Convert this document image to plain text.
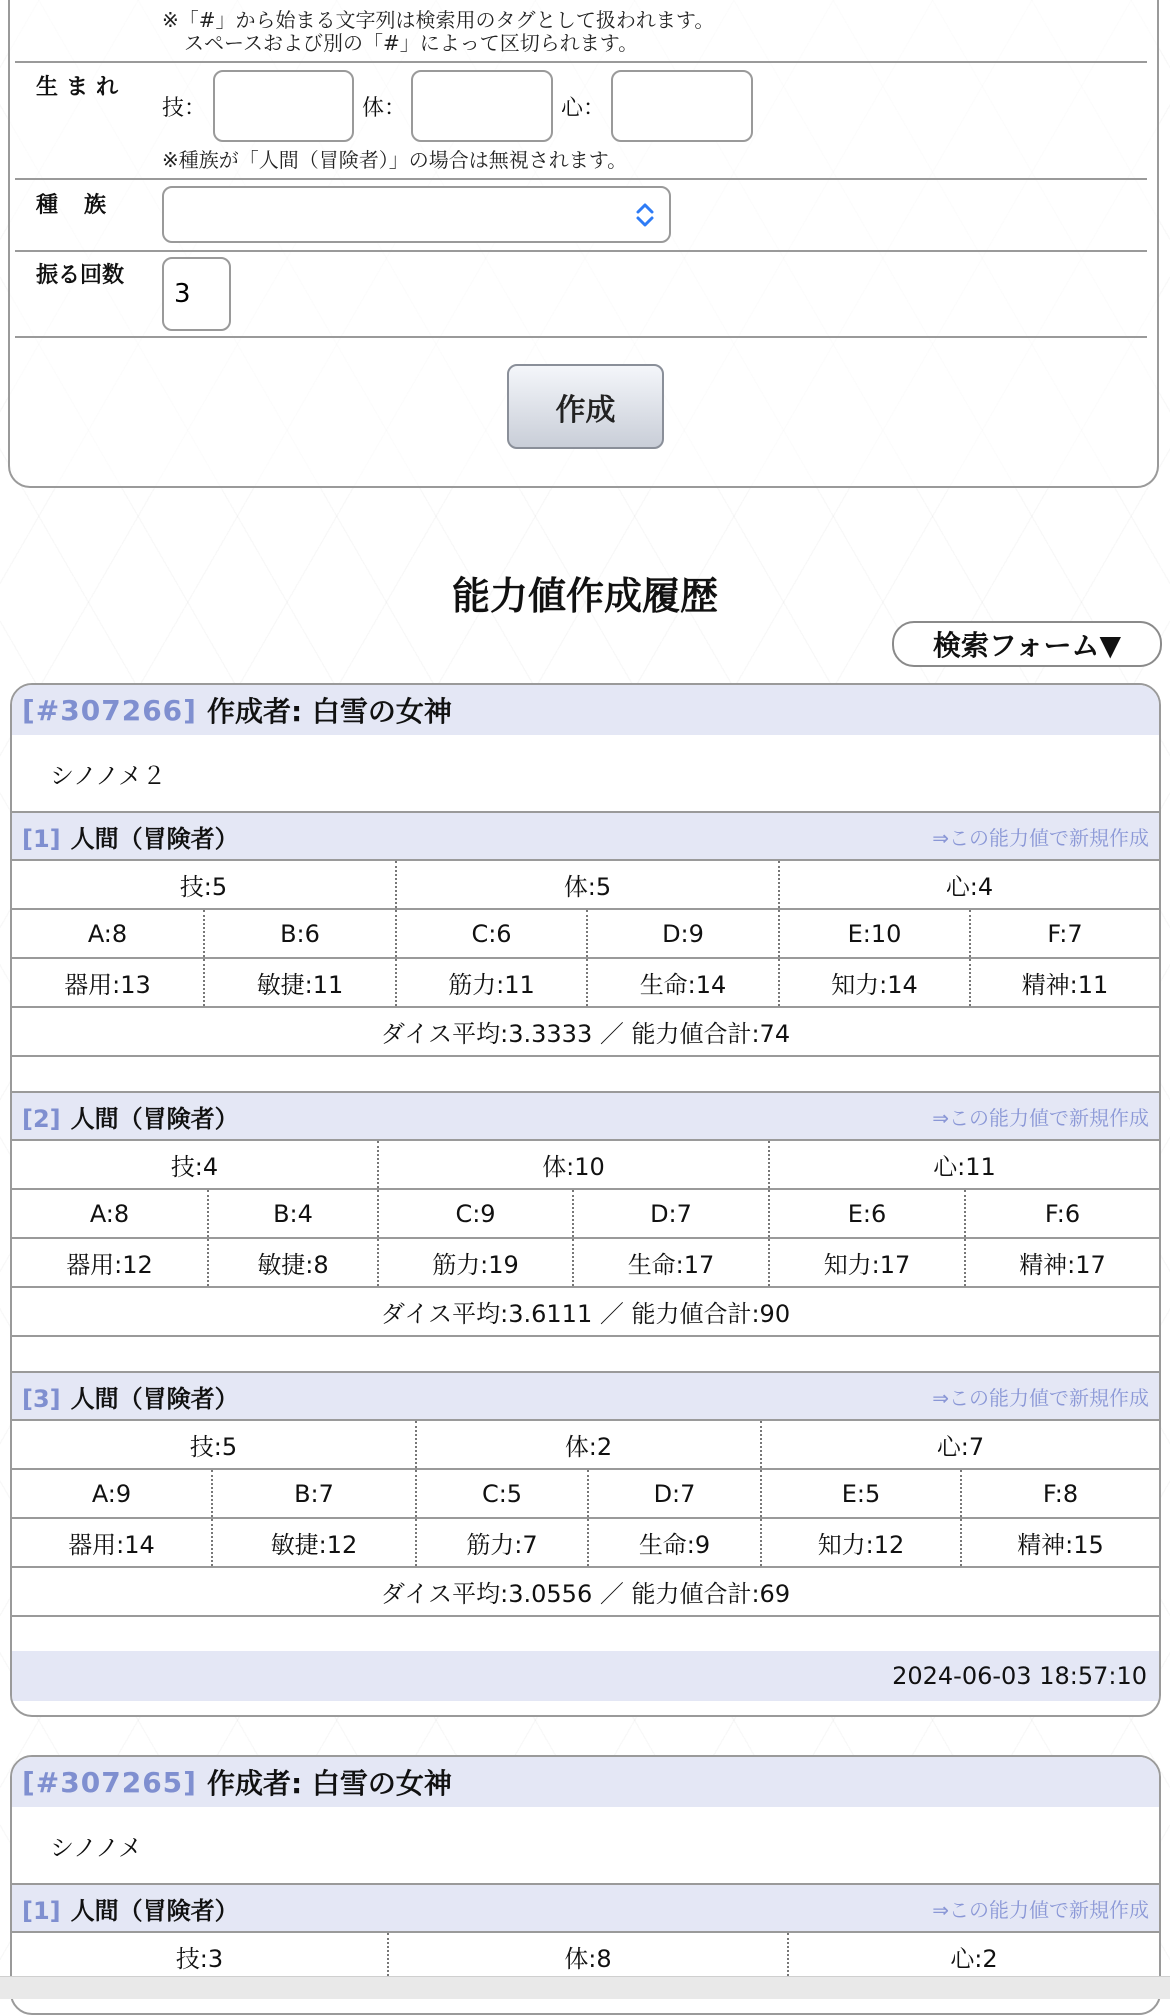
※「#」から始まる文字列は検索用のタグとして扱われます。
スペースおよび別の「#」によって区切られます。
生まれ
技：	体：	心：
※種族が「人間（冒険者）」の場合は無視されます。
種　族
振る回数
3
作成
能力値作成履歴
検索フォーム▼
[#307266] 作成者: 白雪の女神
シノノメ２
[1] 人間（冒険者）	⇒この能力値で新規作成
技:5	体:5	心:4
A:8	B:6	C:6	D:9	E:10	F:7
器用:13	敏捷:11	筋力:11	生命:14	知力:14	精神:11
ダイス平均:3.3333 ／ 能力値合計:74
[2] 人間（冒険者）	⇒この能力値で新規作成
技:4	体:10	心:11
A:8	B:4	C:9	D:7	E:6	F:6
器用:12	敏捷:8	筋力:19	生命:17	知力:17	精神:17
ダイス平均:3.6111 ／ 能力値合計:90
[3] 人間（冒険者）	⇒この能力値で新規作成
技:5	体:2	心:7
A:9	B:7	C:5	D:7	E:5	F:8
器用:14	敏捷:12	筋力:7	生命:9	知力:12	精神:15
ダイス平均:3.0556 ／ 能力値合計:69
2024-06-03 18:57:10
[#307265] 作成者: 白雪の女神
シノノメ
[1] 人間（冒険者）	⇒この能力値で新規作成
技:3	体:8	心:2
